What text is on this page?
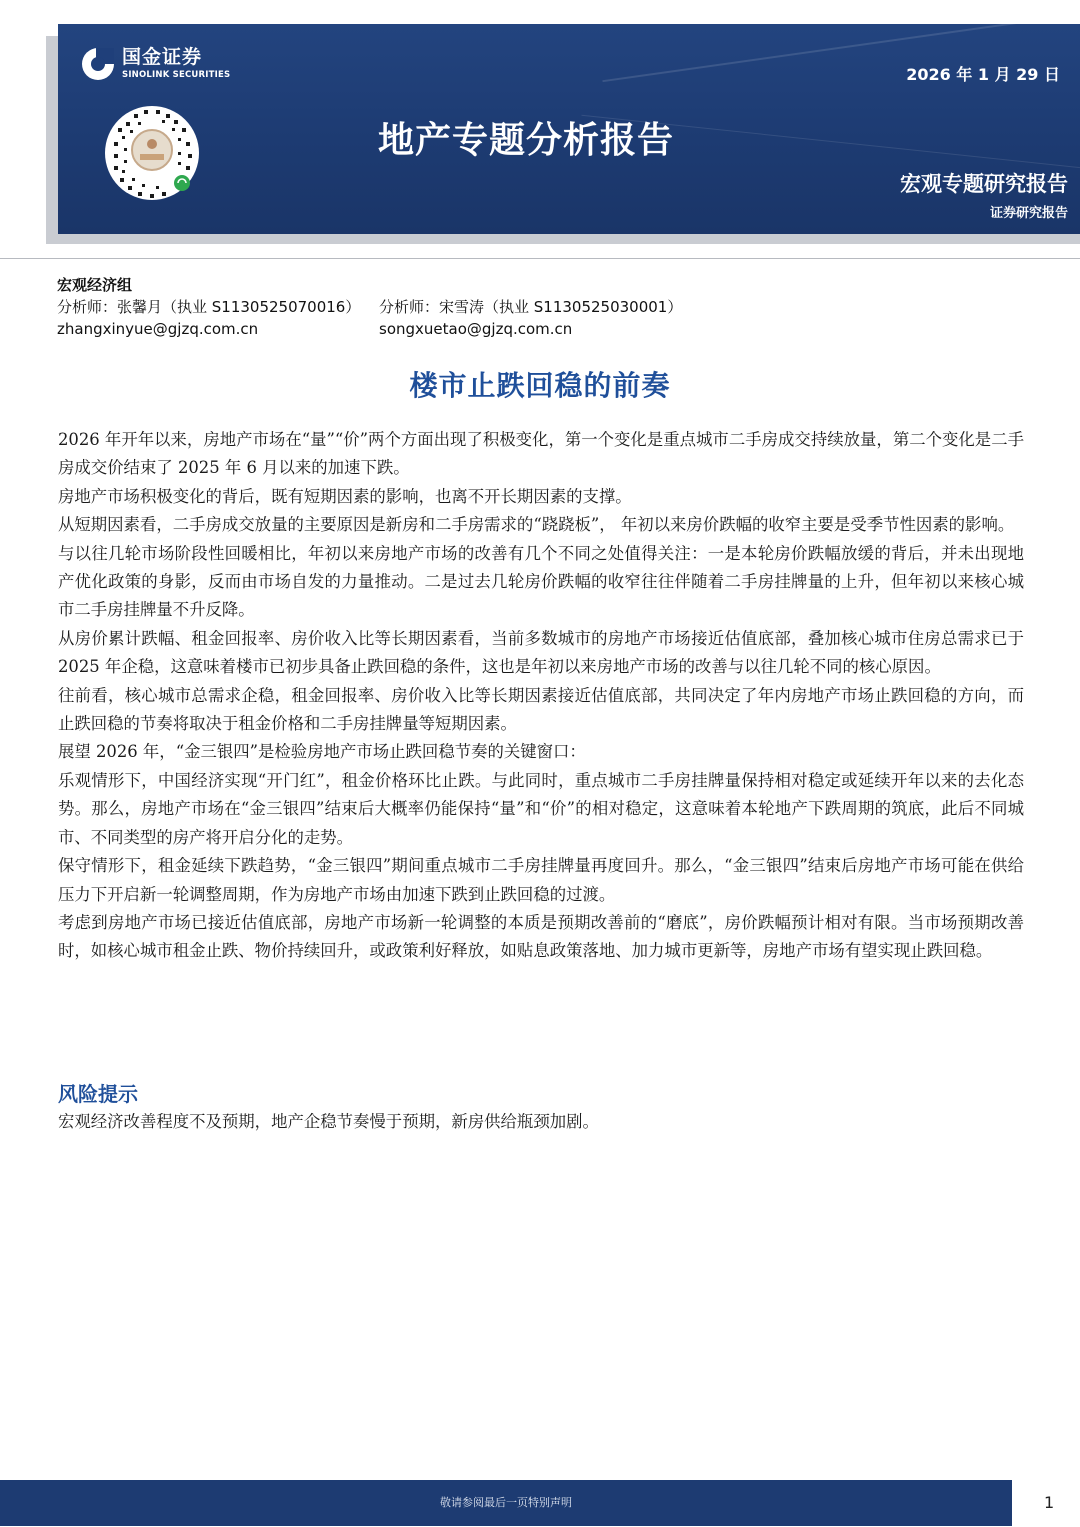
国金证券
SINOLINK SECURITIES	2026 年 1 月 29 日
地产专题分析报告
宏观专题研究报告
证券研究报告
宏观经济组
分析师：张馨月（执业 S1130525070016）
zhangxinyue@gjzq.com.cn
分析师：宋雪涛（执业 S1130525030001）
songxuetao@gjzq.com.cn
楼市止跌回稳的前奏

2026 年开年以来，房地产市场在“量”“价”两个方面出现了积极变化，第一个变化是重点城市二手房成交持续放量，第二个变化是二手房成交价结束了 2025 年 6 月以来的加速下跌。

房地产市场积极变化的背后，既有短期因素的影响，也离不开长期因素的支撑。

从短期因素看，二手房成交放量的主要原因是新房和二手房需求的“跷跷板”， 年初以来房价跌幅的收窄主要是受季节性因素的影响。

与以往几轮市场阶段性回暖相比，年初以来房地产市场的改善有几个不同之处值得关注：一是本轮房价跌幅放缓的背后，并未出现地产优化政策的身影，反而由市场自发的力量推动。二是过去几轮房价跌幅的收窄往往伴随着二手房挂牌量的上升，但年初以来核心城市二手房挂牌量不升反降。

从房价累计跌幅、租金回报率、房价收入比等长期因素看，当前多数城市的房地产市场接近估值底部，叠加核心城市住房总需求已于 2025 年企稳，这意味着楼市已初步具备止跌回稳的条件，这也是年初以来房地产市场的改善与以往几轮不同的核心原因。

往前看，核心城市总需求企稳，租金回报率、房价收入比等长期因素接近估值底部，共同决定了年内房地产市场止跌回稳的方向，而止跌回稳的节奏将取决于租金价格和二手房挂牌量等短期因素。

展望 2026 年，“金三银四”是检验房地产市场止跌回稳节奏的关键窗口：

乐观情形下，中国经济实现“开门红”，租金价格环比止跌。与此同时，重点城市二手房挂牌量保持相对稳定或延续开年以来的去化态势。那么，房地产市场在“金三银四”结束后大概率仍能保持“量”和“价”的相对稳定，这意味着本轮地产下跌周期的筑底，此后不同城市、不同类型的房产将开启分化的走势。

保守情形下，租金延续下跌趋势，“金三银四”期间重点城市二手房挂牌量再度回升。那么，“金三银四”结束后房地产市场可能在供给压力下开启新一轮调整周期，作为房地产市场由加速下跌到止跌回稳的过渡。

考虑到房地产市场已接近估值底部，房地产市场新一轮调整的本质是预期改善前的“磨底”，房价跌幅预计相对有限。当市场预期改善时，如核心城市租金止跌、物价持续回升，或政策利好释放，如贴息政策落地、加力城市更新等，房地产市场有望实现止跌回稳。

风险提示
宏观经济改善程度不及预期，地产企稳节奏慢于预期，新房供给瓶颈加剧。
敬请参阅最后一页特别声明	1
